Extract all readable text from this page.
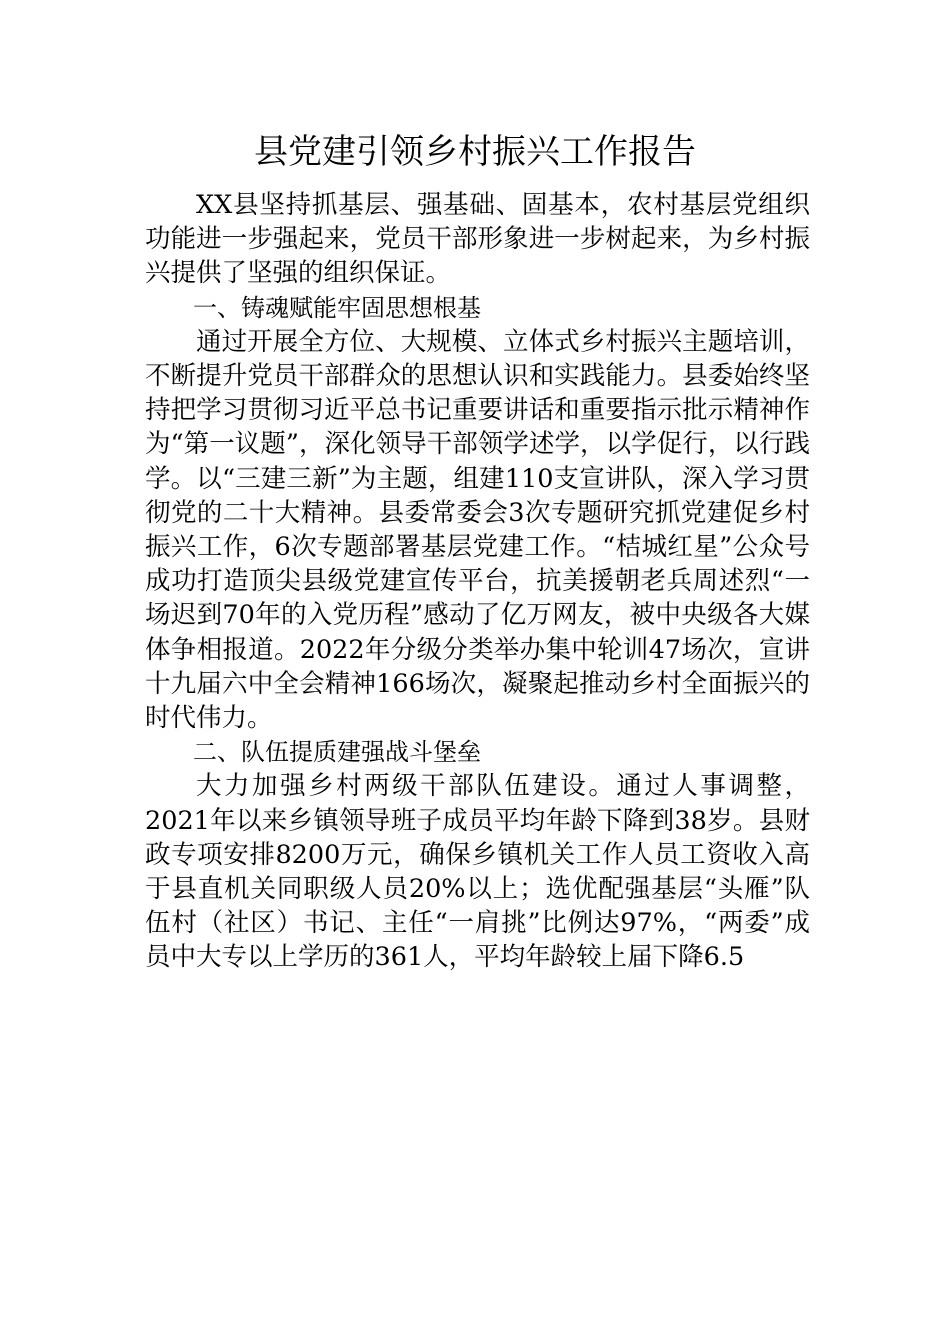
县党建引领乡村振兴工作报告

XX县坚持抓基层、强基础、固基本，农村基层党组织功能进一步强起来，党员干部形象进一步树起来，为乡村振兴提供了坚强的组织保证。

一、铸魂赋能牢固思想根基

通过开展全方位、大规模、立体式乡村振兴主题培训，不断提升党员干部群众的思想认识和实践能力。县委始终坚持把学习贯彻习近平总书记重要讲话和重要指示批示精神作为“第一议题”，深化领导干部领学述学，以学促行，以行践学。以“三建三新”为主题，组建110支宣讲队，深入学习贯彻党的二十大精神。县委常委会3次专题研究抓党建促乡村振兴工作，6次专题部署基层党建工作。“桔城红星”公众号成功打造顶尖县级党建宣传平台，抗美援朝老兵周述烈“一场迟到70年的入党历程”感动了亿万网友，被中央级各大媒体争相报道。2022年分级分类举办集中轮训47场次，宣讲十九届六中全会精神166场次，凝聚起推动乡村全面振兴的时代伟力。

二、队伍提质建强战斗堡垒

大力加强乡村两级干部队伍建设。通过人事调整，2021年以来乡镇领导班子成员平均年龄下降到38岁。县财政专项安排8200万元，确保乡镇机关工作人员工资收入高于县直机关同职级人员20%以上；选优配强基层“头雁”队伍村（社区）书记、主任“一肩挑”比例达97%，“两委”成员中大专以上学历的361人，平均年龄较上届下降6.5
